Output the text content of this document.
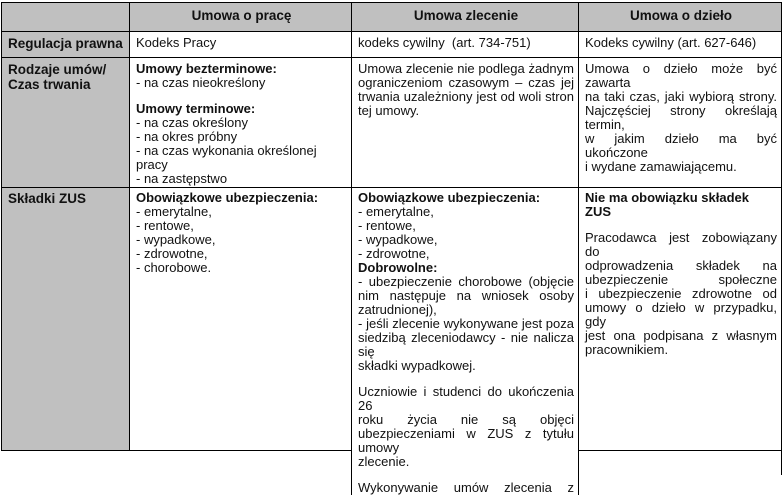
Regulacja prawna
Rodzaje umów/
Czas trwania
Składki ZUS
Umowa o pracę
Kodeks Pracy
Umowy bezterminowe:
- na czas nieokreślony
Umowy terminowe:
- na czas określony
- na okres próbny
- na czas wykonania określonej pracy
- na zastępstwo
Obowiązkowe ubezpieczenia:
- emerytalne,
- rentowe,
- wypadkowe,
- zdrowotne,
- chorobowe.
Umowa zlecenie
kodeks cywilny  (art. 734-751)
Umowa zlecenie nie podlega żadnym
ograniczeniom czasowym – czas jej
trwania uzależniony jest od woli stron
tej umowy.
Obowiązkowe ubezpieczenia:
- emerytalne,
- rentowe,
- wypadkowe,
- zdrowotne,
Dobrowolne:
- ubezpieczenie chorobowe (objęcie
nim następuje na wniosek osoby
zatrudnionej),
- jeśli zlecenie wykonywane jest poza
siedzibą zleceniodawcy - nie nalicza się
składki wypadkowej.
Uczniowie i studenci do ukończenia 26
roku życia nie są objęci
ubezpieczeniami w ZUS z tytułu umowy
zlecenie.
Wykonywanie umów zlecenia z
Umowa o dzieło
Kodeks cywilny (art. 627-646)
Umowa o dzieło może być zawarta
na taki czas, jaki wybiorą strony.
Najczęściej strony określają termin,
w jakim dzieło ma być ukończone
i wydane zamawiającemu.
Nie ma obowiązku składek ZUS
Pracodawca jest zobowiązany do
odprowadzenia składek na
ubezpieczenie społeczne
i ubezpieczenie zdrowotne od
umowy o dzieło w przypadku, gdy
jest ona podpisana z własnym
pracownikiem.
